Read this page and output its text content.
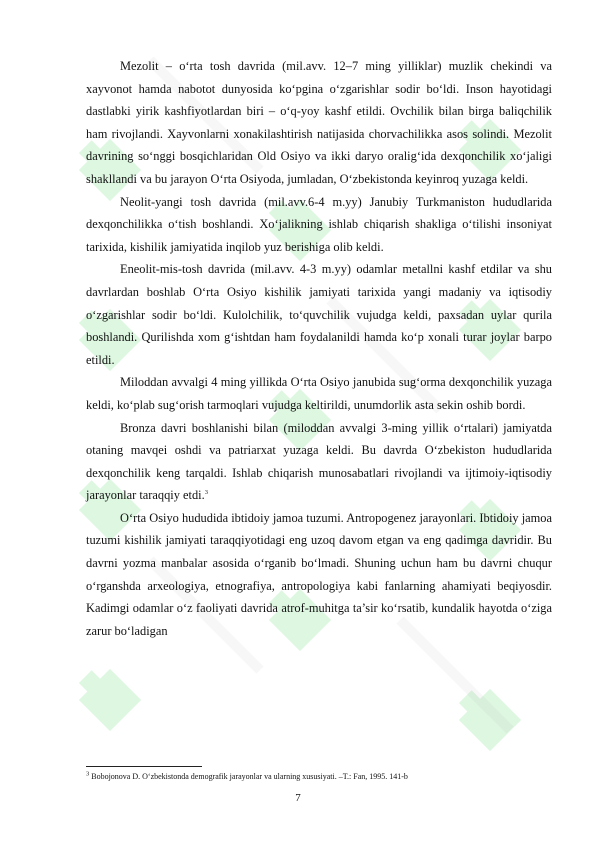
Mezolit – o‘rta tosh davrida (mil.avv. 12–7 ming yilliklar) muzlik chekindi va xayvonot hamda nabotot dunyosida ko‘pgina o‘zgarishlar sodir bo‘ldi. Inson hayotidagi dastlabki yirik kashfiyotlardan biri – o‘q-yoy kashf etildi. Ovchilik bilan birga baliqchilik ham rivojlandi. Xayvonlarni xonakilashtirish natijasida chorvachilikka asos solindi. Mezolit davrining so‘nggi bosqichlaridan Old Osiyo va ikki daryo oralig‘ida dexqonchilik xo‘jaligi shakllandi va bu jarayon O‘rta Osiyoda, jumladan, O‘zbekistonda keyinroq yuzaga keldi.

Neolit-yangi tosh davrida (mil.avv.6-4 m.yy) Janubiy Turkmaniston hududlarida dexqonchilikka o‘tish boshlandi. Xo‘jalikning ishlab chiqarish shakliga o‘tilishi insoniyat tarixida, kishilik jamiyatida inqilob yuz berishiga olib keldi.

Eneolit-mis-tosh davrida (mil.avv. 4-3 m.yy) odamlar metallni kashf etdilar va shu davrlardan boshlab O‘rta Osiyo kishilik jamiyati tarixida yangi madaniy va iqtisodiy o‘zgarishlar sodir bo‘ldi. Kulolchilik, to‘quvchilik vujudga keldi, paxsadan uylar qurila boshlandi. Qurilishda xom g‘ishtdan ham foydalanildi hamda ko‘p xonali turar joylar barpo etildi.

Miloddan avvalgi 4 ming yillikda O‘rta Osiyo janubida sug‘orma dexqonchilik yuzaga keldi, ko‘plab sug‘orish tarmoqlari vujudga keltirildi, unumdorlik asta sekin oshib bordi.

Bronza davri boshlanishi bilan (miloddan avvalgi 3-ming yillik o‘rtalari) jamiyatda otaning mavqei oshdi va patriarxat yuzaga keldi. Bu davrda O‘zbekiston hududlarida dexqonchilik keng tarqaldi. Ishlab chiqarish munosabatlari rivojlandi va ijtimoiy-iqtisodiy jarayonlar taraqqiy etdi.$^3$

O‘rta Osiyo hududida ibtidoiy jamoa tuzumi. Antropogenez jarayonlari. Ibtidoiy jamoa tuzumi kishilik jamiyati taraqqiyotidagi eng uzoq davom etgan va eng qadimga davridir. Bu davrni yozma manbalar asosida o‘rganib bo‘lmadi. Shuning uchun ham bu davrni chuqur o‘rganshda arxeologiya, etnografiya, antropologiya kabi fanlarning ahamiyati beqiyosdir. Kadimgi odamlar o‘z faoliyati davrida atrof-muhitga ta’sir ko‘rsatib, kundalik hayotda o‘ziga zarur bo‘ladigan

$^3$ Bobojonova D. O‘zbekistonda demografik jarayonlar va ularning xususiyati. –T.: Fan, 1995. 141-b
7
